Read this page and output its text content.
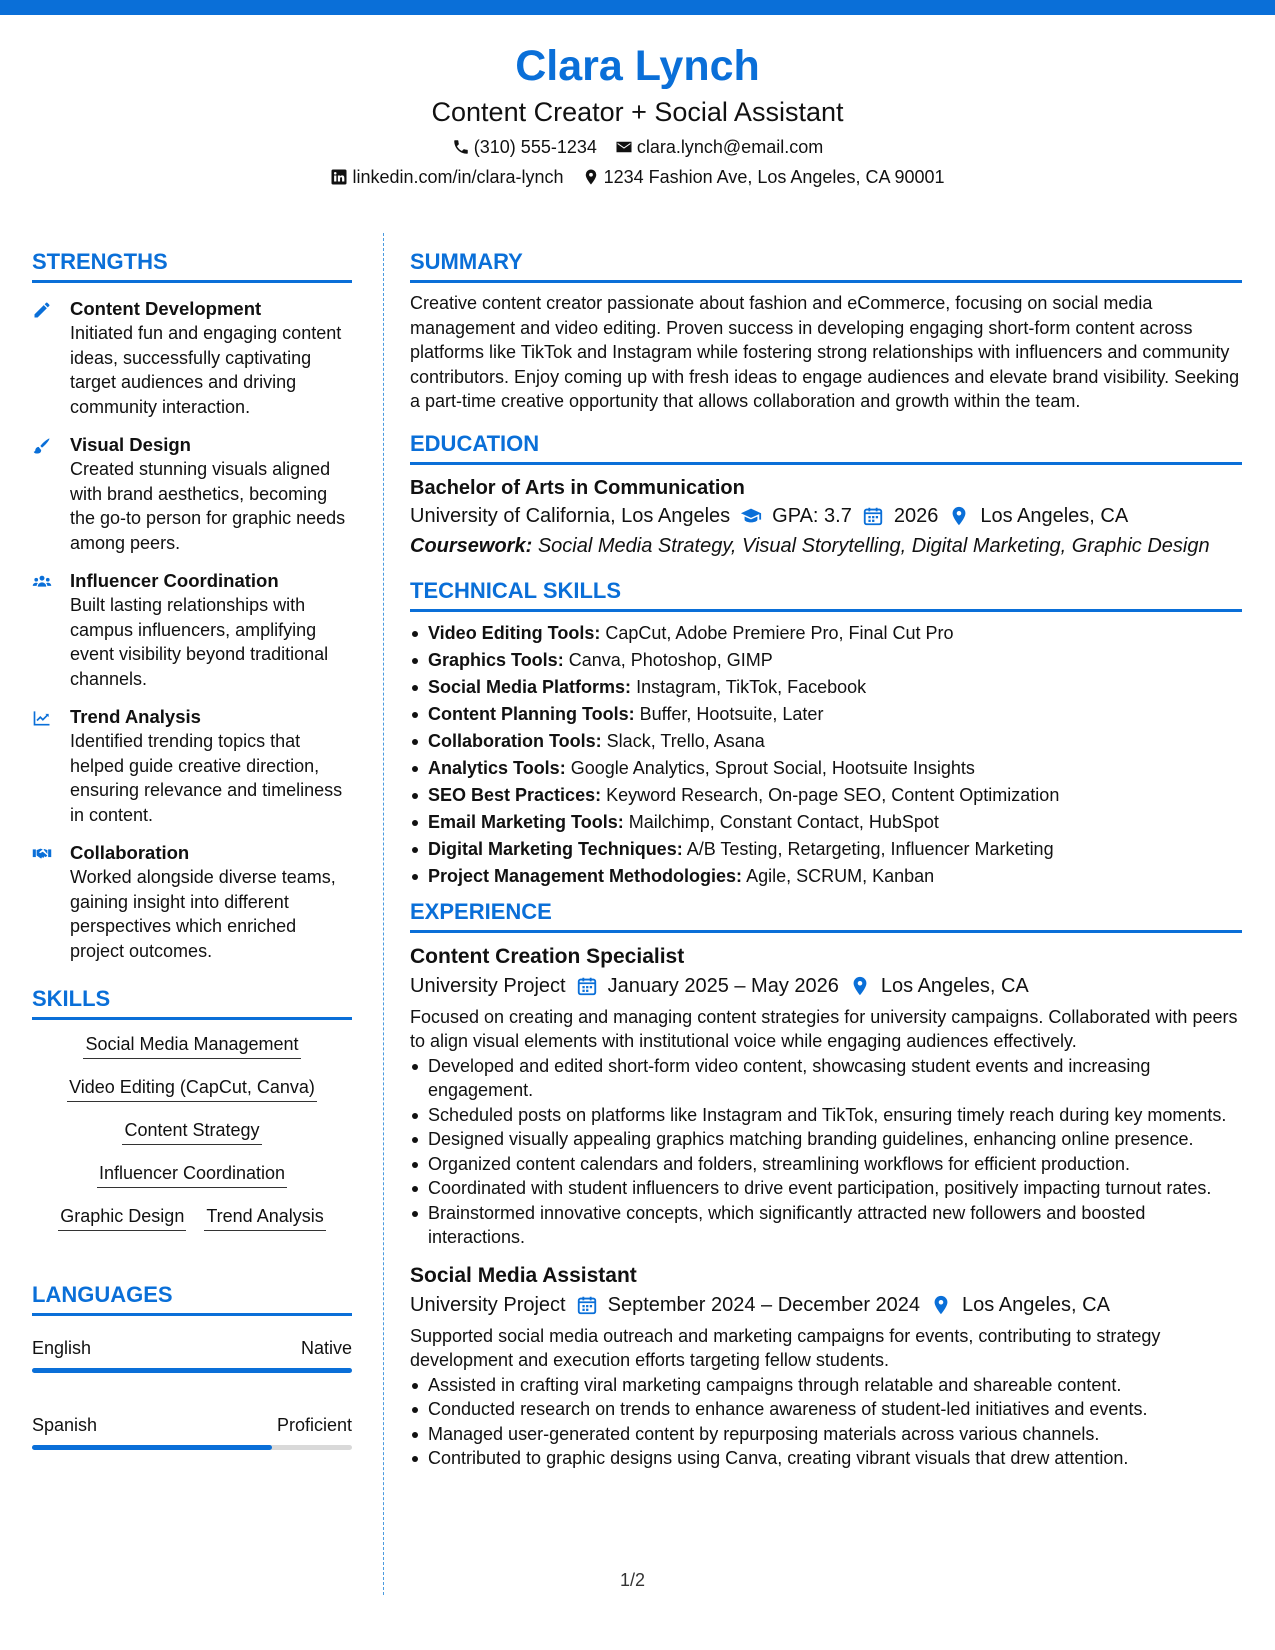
Clara Lynch
Content Creator + Social Assistant
(310) 555-1234 clara.lynch@email.com
linkedin.com/in/clara-lynch 1234 Fashion Ave, Los Angeles, CA 90001
STRENGTHS
Content Development
Initiated fun and engaging content ideas, successfully captivating target audiences and driving community interaction.
Visual Design
Created stunning visuals aligned with brand aesthetics, becoming the go-to person for graphic needs among peers.
Influencer Coordination
Built lasting relationships with campus influencers, amplifying event visibility beyond traditional channels.
Trend Analysis
Identified trending topics that helped guide creative direction, ensuring relevance and timeliness in content.
Collaboration
Worked alongside diverse teams, gaining insight into different perspectives which enriched project outcomes.
SKILLS
Social Media Management
Video Editing (CapCut, Canva)
Content Strategy
Influencer Coordination
Graphic Design Trend Analysis
LANGUAGES
English	Native
Spanish	Proficient
SUMMARY
Creative content creator passionate about fashion and eCommerce, focusing on social media management and video editing. Proven success in developing engaging short-form content across platforms like TikTok and Instagram while fostering strong relationships with influencers and community contributors. Enjoy coming up with fresh ideas to engage audiences and elevate brand visibility. Seeking a part-time creative opportunity that allows collaboration and growth within the team.
EDUCATION
Bachelor of Arts in Communication
University of California, Los Angeles GPA: 3.7 2026 Los Angeles, CA
Coursework: Social Media Strategy, Visual Storytelling, Digital Marketing, Graphic Design
TECHNICAL SKILLS
Video Editing Tools: CapCut, Adobe Premiere Pro, Final Cut Pro
Graphics Tools: Canva, Photoshop, GIMP
Social Media Platforms: Instagram, TikTok, Facebook
Content Planning Tools: Buffer, Hootsuite, Later
Collaboration Tools: Slack, Trello, Asana
Analytics Tools: Google Analytics, Sprout Social, Hootsuite Insights
SEO Best Practices: Keyword Research, On-page SEO, Content Optimization
Email Marketing Tools: Mailchimp, Constant Contact, HubSpot
Digital Marketing Techniques: A/B Testing, Retargeting, Influencer Marketing
Project Management Methodologies: Agile, SCRUM, Kanban
EXPERIENCE
Content Creation Specialist
University Project January 2025 – May 2026 Los Angeles, CA
Focused on creating and managing content strategies for university campaigns. Collaborated with peers to align visual elements with institutional voice while engaging audiences effectively.
Developed and edited short-form video content, showcasing student events and increasing engagement.
Scheduled posts on platforms like Instagram and TikTok, ensuring timely reach during key moments.
Designed visually appealing graphics matching branding guidelines, enhancing online presence.
Organized content calendars and folders, streamlining workflows for efficient production.
Coordinated with student influencers to drive event participation, positively impacting turnout rates.
Brainstormed innovative concepts, which significantly attracted new followers and boosted interactions.
Social Media Assistant
University Project September 2024 – December 2024 Los Angeles, CA
Supported social media outreach and marketing campaigns for events, contributing to strategy development and execution efforts targeting fellow students.
Assisted in crafting viral marketing campaigns through relatable and shareable content.
Conducted research on trends to enhance awareness of student-led initiatives and events.
Managed user-generated content by repurposing materials across various channels.
Contributed to graphic designs using Canva, creating vibrant visuals that drew attention.
1/2
